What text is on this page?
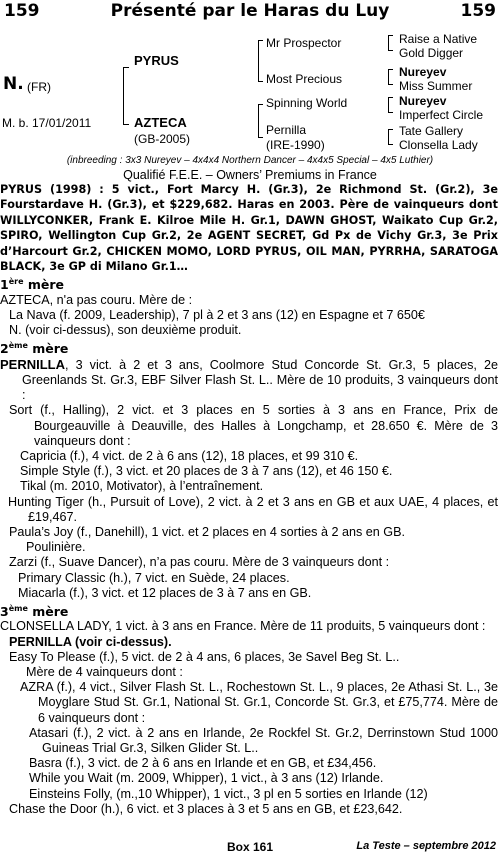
159	Présenté par le Haras du Luy	159
N. (FR)
M. b. 17/01/2011
PYRUS
AZTECA
(GB-2005)
Mr Prospector
Most Precious
Spinning World
Pernilla
(IRE-1990)
Raise a Native
Gold Digger
Nureyev
Miss Summer
Nureyev
Imperfect Circle
Tate Gallery
Clonsella Lady
(inbreeding : 3x3 Nureyev – 4x4x4 Northern Dancer – 4x4x5 Special – 4x5 Luthier)
Qualifié F.E.E. – Owners’ Premiums in France

PYRUS (1998) : 5 vict., Fort Marcy H. (Gr.3), 2e Richmond St. (Gr.2), 3e Fourstardave H. (Gr.3), et $229,682. Haras en 2003. Père de vainqueurs dont WILLYCONKER, Frank E. Kilroe Mile H. Gr.1, DAWN GHOST, Waikato Cup Gr.2, SPIRO, Wellington Cup Gr.2, 2e AGENT SECRET, Gd Px de Vichy Gr.3, 3e Prix d’Harcourt Gr.2, CHICKEN MOMO, LORD PYRUS, OIL MAN, PYRRHA, SARATOGA BLACK, 3e GP di Milano Gr.1…

1ère mère

AZTECA, n'a pas couru. Mère de :

La Nava (f. 2009, Leadership), 7 pl à 2 et 3 ans (12) en Espagne et 7 650€

N. (voir ci-dessus), son deuxième produit.

2ème mère

PERNILLA, 3 vict. à 2 et 3 ans, Coolmore Stud Concorde St. Gr.3, 5 places, 2e Greenlands St. Gr.3, EBF Silver Flash St. L.. Mère de 10 produits, 3 vainqueurs dont :

Sort (f., Halling), 2 vict. et 3 places en 5 sorties à 3 ans en France, Prix de Bourgeauville à Deauville, des Halles à Longchamp, et 28.650 €. Mère de 3 vainqueurs dont :

Capricia (f.), 4 vict. de 2 à 6 ans (12), 18 places, et 99 310 €.

Simple Style (f.), 3 vict. et 20 places de 3 à 7 ans (12), et 46 150 €.

Tikal (m. 2010, Motivator), à l’entraînement.

Hunting Tiger (h., Pursuit of Love), 2 vict. à 2 et 3 ans en GB et aux UAE, 4 places, et £19,467.

Paula’s Joy (f., Danehill), 1 vict. et 2 places en 4 sorties à 2 ans en GB.

Poulinière.

Zarzi (f., Suave Dancer), n’a pas couru. Mère de 3 vainqueurs dont :

Primary Classic (h.), 7 vict. en Suède, 24 places.

Miacarla (f.), 3 vict. et 12 places de 3 à 7 ans en GB.

3ème mère

CLONSELLA LADY, 1 vict. à 3 ans en France. Mère de 11 produits, 5 vainqueurs dont :

PERNILLA (voir ci-dessus).

Easy To Please (f.), 5 vict. de 2 à 4 ans, 6 places, 3e Savel Beg St. L..

Mère de 4 vainqueurs dont :

AZRA (f.), 4 vict., Silver Flash St. L., Rochestown St. L., 9 places, 2e Athasi St. L., 3e Moyglare Stud St. Gr.1, National St. Gr.1, Concorde St. Gr.3, et £75,774. Mère de 6 vainqueurs dont :

Atasari (f.), 2 vict. à 2 ans en Irlande, 2e Rockfel St. Gr.2, Derrinstown Stud 1000 Guineas Trial Gr.3, Silken Glider St. L..

Basra (f.), 3 vict. de 2 à 6 ans en Irlande et en GB, et £34,456.

While you Wait (m. 2009, Whipper), 1 vict., à 3 ans (12) Irlande.

Einsteins Folly, (m.,10 Whipper), 1 vict., 3 pl en 5 sorties en Irlande (12)

Chase the Door (h.), 6 vict. et 3 places à 3 et 5 ans en GB, et £23,642.

Box 161	La Teste – septembre 2012
